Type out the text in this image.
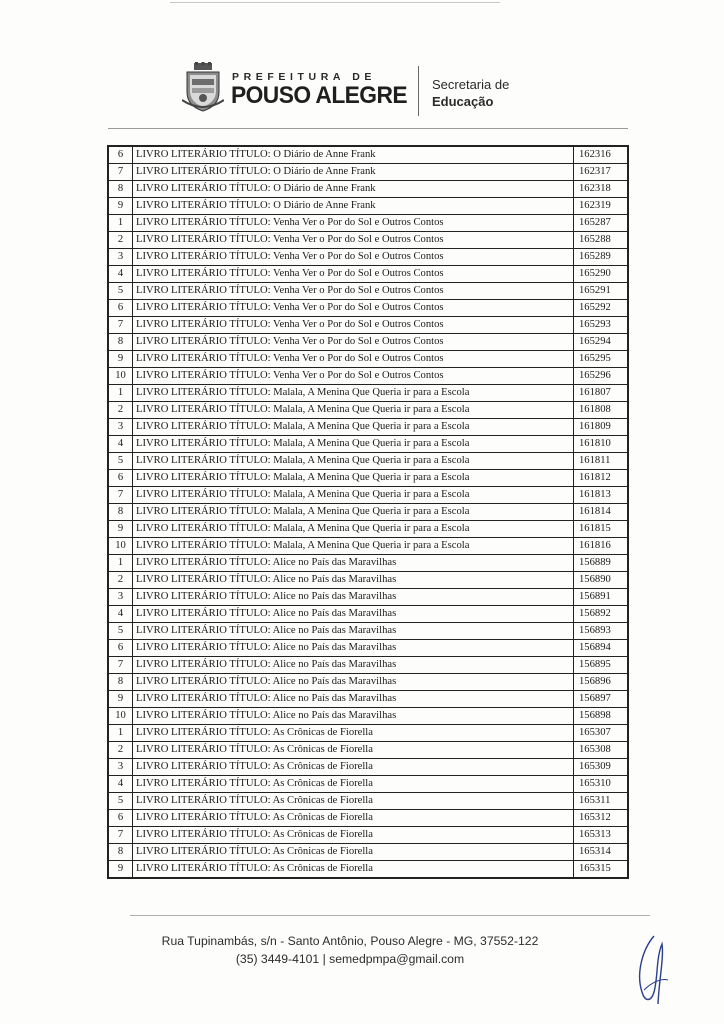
PREFEITURA DE
POUSO ALEGRE Secretaria de
Educação
6	LIVRO LITERÁRIO TÍTULO: O Diário de Anne Frank	162316
7	LIVRO LITERÁRIO TÍTULO: O Diário de Anne Frank	162317
8	LIVRO LITERÁRIO TÍTULO: O Diário de Anne Frank	162318
9	LIVRO LITERÁRIO TÍTULO: O Diário de Anne Frank	162319
1	LIVRO LITERÁRIO TÍTULO: Venha Ver o Por do Sol e Outros Contos	165287
2	LIVRO LITERÁRIO TÍTULO: Venha Ver o Por do Sol e Outros Contos	165288
3	LIVRO LITERÁRIO TÍTULO: Venha Ver o Por do Sol e Outros Contos	165289
4	LIVRO LITERÁRIO TÍTULO: Venha Ver o Por do Sol e Outros Contos	165290
5	LIVRO LITERÁRIO TÍTULO: Venha Ver o Por do Sol e Outros Contos	165291
6	LIVRO LITERÁRIO TÍTULO: Venha Ver o Por do Sol e Outros Contos	165292
7	LIVRO LITERÁRIO TÍTULO: Venha Ver o Por do Sol e Outros Contos	165293
8	LIVRO LITERÁRIO TÍTULO: Venha Ver o Por do Sol e Outros Contos	165294
9	LIVRO LITERÁRIO TÍTULO: Venha Ver o Por do Sol e Outros Contos	165295
10	LIVRO LITERÁRIO TÍTULO: Venha Ver o Por do Sol e Outros Contos	165296
1	LIVRO LITERÁRIO TÍTULO: Malala, A Menina Que Queria ir para a Escola	161807
2	LIVRO LITERÁRIO TÍTULO: Malala, A Menina Que Queria ir para a Escola	161808
3	LIVRO LITERÁRIO TÍTULO: Malala, A Menina Que Queria ir para a Escola	161809
4	LIVRO LITERÁRIO TÍTULO: Malala, A Menina Que Queria ir para a Escola	161810
5	LIVRO LITERÁRIO TÍTULO: Malala, A Menina Que Queria ir para a Escola	161811
6	LIVRO LITERÁRIO TÍTULO: Malala, A Menina Que Queria ir para a Escola	161812
7	LIVRO LITERÁRIO TÍTULO: Malala, A Menina Que Queria ir para a Escola	161813
8	LIVRO LITERÁRIO TÍTULO: Malala, A Menina Que Queria ir para a Escola	161814
9	LIVRO LITERÁRIO TÍTULO: Malala, A Menina Que Queria ir para a Escola	161815
10	LIVRO LITERÁRIO TÍTULO: Malala, A Menina Que Queria ir para a Escola	161816
1	LIVRO LITERÁRIO TÍTULO: Alice no País das Maravilhas	156889
2	LIVRO LITERÁRIO TÍTULO: Alice no País das Maravilhas	156890
3	LIVRO LITERÁRIO TÍTULO: Alice no País das Maravilhas	156891
4	LIVRO LITERÁRIO TÍTULO: Alice no País das Maravilhas	156892
5	LIVRO LITERÁRIO TÍTULO: Alice no País das Maravilhas	156893
6	LIVRO LITERÁRIO TÍTULO: Alice no País das Maravilhas	156894
7	LIVRO LITERÁRIO TÍTULO: Alice no País das Maravilhas	156895
8	LIVRO LITERÁRIO TÍTULO: Alice no País das Maravilhas	156896
9	LIVRO LITERÁRIO TÍTULO: Alice no País das Maravilhas	156897
10	LIVRO LITERÁRIO TÍTULO: Alice no País das Maravilhas	156898
1	LIVRO LITERÁRIO TÍTULO: As Crônicas de Fiorella	165307
2	LIVRO LITERÁRIO TÍTULO: As Crônicas de Fiorella	165308
3	LIVRO LITERÁRIO TÍTULO: As Crônicas de Fiorella	165309
4	LIVRO LITERÁRIO TÍTULO: As Crônicas de Fiorella	165310
5	LIVRO LITERÁRIO TÍTULO: As Crônicas de Fiorella	165311
6	LIVRO LITERÁRIO TÍTULO: As Crônicas de Fiorella	165312
7	LIVRO LITERÁRIO TÍTULO: As Crônicas de Fiorella	165313
8	LIVRO LITERÁRIO TÍTULO: As Crônicas de Fiorella	165314
9	LIVRO LITERÁRIO TÍTULO: As Crônicas de Fiorella	165315
Rua Tupinambás, s/n - Santo Antônio, Pouso Alegre - MG, 37552-122
(35) 3449-4101 | semedpmpa@gmail.com
